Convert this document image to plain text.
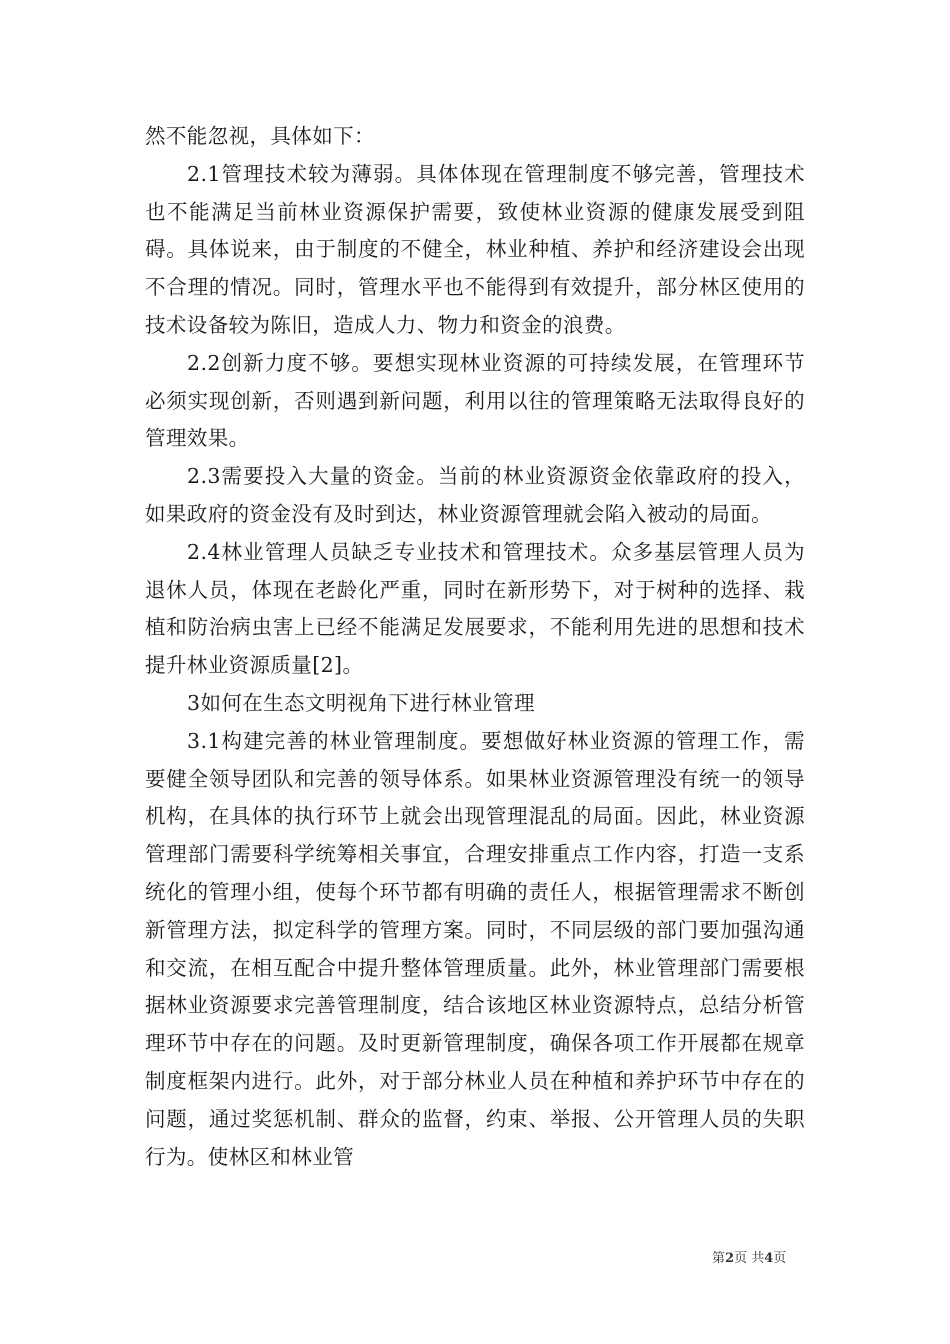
然不能忽视，具体如下：

2.1管理技术较为薄弱。具体体现在管理制度不够完善，管理技术也不能满足当前林业资源保护需要，致使林业资源的健康发展受到阻碍。具体说来，由于制度的不健全，林业种植、养护和经济建设会出现不合理的情况。同时，管理水平也不能得到有效提升，部分林区使用的技术设备较为陈旧，造成人力、物力和资金的浪费。

2.2创新力度不够。要想实现林业资源的可持续发展，在管理环节必须实现创新，否则遇到新问题，利用以往的管理策略无法取得良好的管理效果。

2.3需要投入大量的资金。当前的林业资源资金依靠政府的投入，如果政府的资金没有及时到达，林业资源管理就会陷入被动的局面。

2.4林业管理人员缺乏专业技术和管理技术。众多基层管理人员为退休人员，体现在老龄化严重，同时在新形势下，对于树种的选择、栽植和防治病虫害上已经不能满足发展要求，不能利用先进的思想和技术提升林业资源质量[2]。

3如何在生态文明视角下进行林业管理

3.1构建完善的林业管理制度。要想做好林业资源的管理工作，需要健全领导团队和完善的领导体系。如果林业资源管理没有统一的领导机构，在具体的执行环节上就会出现管理混乱的局面。因此，林业资源管理部门需要科学统筹相关事宜，合理安排重点工作内容，打造一支系统化的管理小组，使每个环节都有明确的责任人，根据管理需求不断创新管理方法，拟定科学的管理方案。同时，不同层级的部门要加强沟通和交流，在相互配合中提升整体管理质量。此外，林业管理部门需要根据林业资源要求完善管理制度，结合该地区林业资源特点，总结分析管理环节中存在的问题。及时更新管理制度，确保各项工作开展都在规章制度框架内进行。此外，对于部分林业人员在种植和养护环节中存在的问题，通过奖惩机制、群众的监督，约束、举报、公开管理人员的失职行为。使林区和林业管

第2页 共4页
